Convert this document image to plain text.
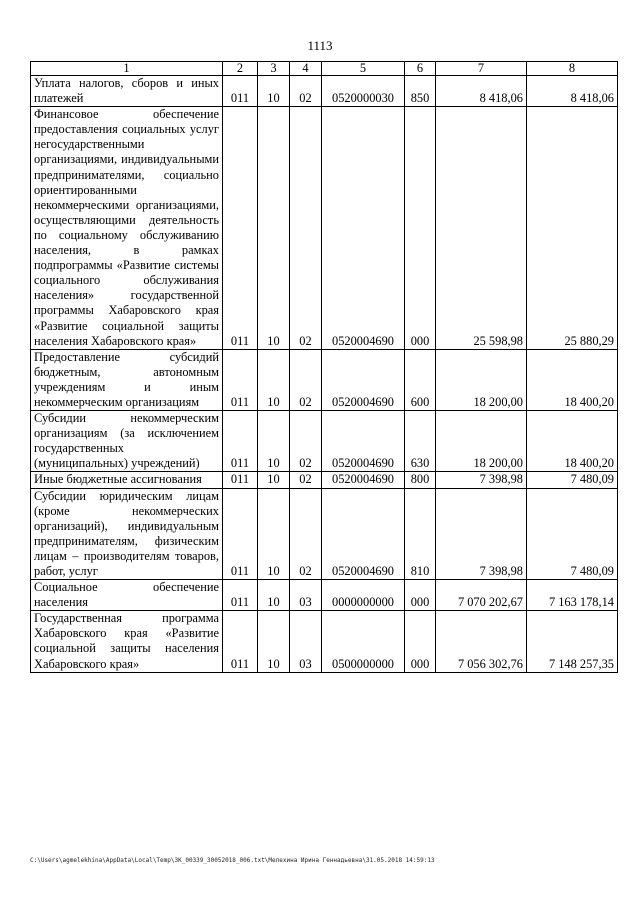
1113
1	2	3	4	5	6	7	8
Уплата налогов, сборов и иных платежей	011	10	02	0520000030	850	8 418,06	8 418,06
Финансовое обеспечение предоставления социальных услуг негосударственными организациями, индивидуальными предпринимателями, социально ориентированными некоммерческими организациями, осуществляющими деятельность по социальному обслуживанию населения, в рамках подпрограммы «Развитие системы социального обслуживания населения» государственной программы Хабаровского края «Развитие социальной защиты населения Хабаровского края»	011	10	02	0520004690	000	25 598,98	25 880,29
Предоставление субсидий бюджетным, автономным учреждениям и иным некоммерческим организациям	011	10	02	0520004690	600	18 200,00	18 400,20
Субсидии некоммерческим организациям (за исключением государственных (муниципальных) учреждений)	011	10	02	0520004690	630	18 200,00	18 400,20
Иные бюджетные ассигнования	011	10	02	0520004690	800	7 398,98	7 480,09
Субсидии юридическим лицам (кроме некоммерческих организаций), индивидуальным предпринимателям, физическим лицам – производителям товаров, работ, услуг	011	10	02	0520004690	810	7 398,98	7 480,09
Социальное обеспечение населения	011	10	03	0000000000	000	7 070 202,67	7 163 178,14
Государственная программа Хабаровского края «Развитие социальной защиты населения Хабаровского края»	011	10	03	0500000000	000	7 056 302,76	7 148 257,35
C:\Users\agmelekhina\AppData\Local\Temp\3K_00339_30052018_006.txt\Мелехина Ирина Геннадьевна\31.05.2018 14:59:13
